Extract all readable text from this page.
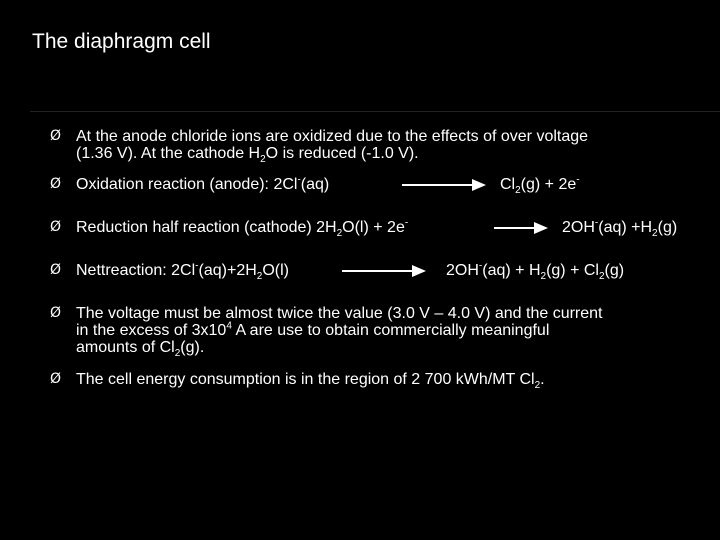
The diaphragm cell
Ø At the anode chloride ions are oxidized due to the effects of over voltage
(1.36 V). At the cathode $H_2O$ is reduced (-1.0 V).
Ø Oxidation reaction (anode): 2Cl-(aq)	$Cl_2(g) + 2e^-$
Ø Reduction half reaction (cathode) $2H_2O(l) + 2e^-$	→ $2OH^-(aq) +H_2(g)$
Ø Nettreaction: $2Cl^-(aq)+2H_2O(l)$	$2OH^-(aq) + H_2(g) + Cl_2(g)$
Ø The voltage must be almost twice the value (3.0 V – 4.0 V) and the current
in the excess of $3x10^4$ A are use to obtain commercially meaningful
amounts of $Cl_2(g)$.
Ø The cell energy consumption is in the region of 2 700 kWh/MT $Cl_2$.
